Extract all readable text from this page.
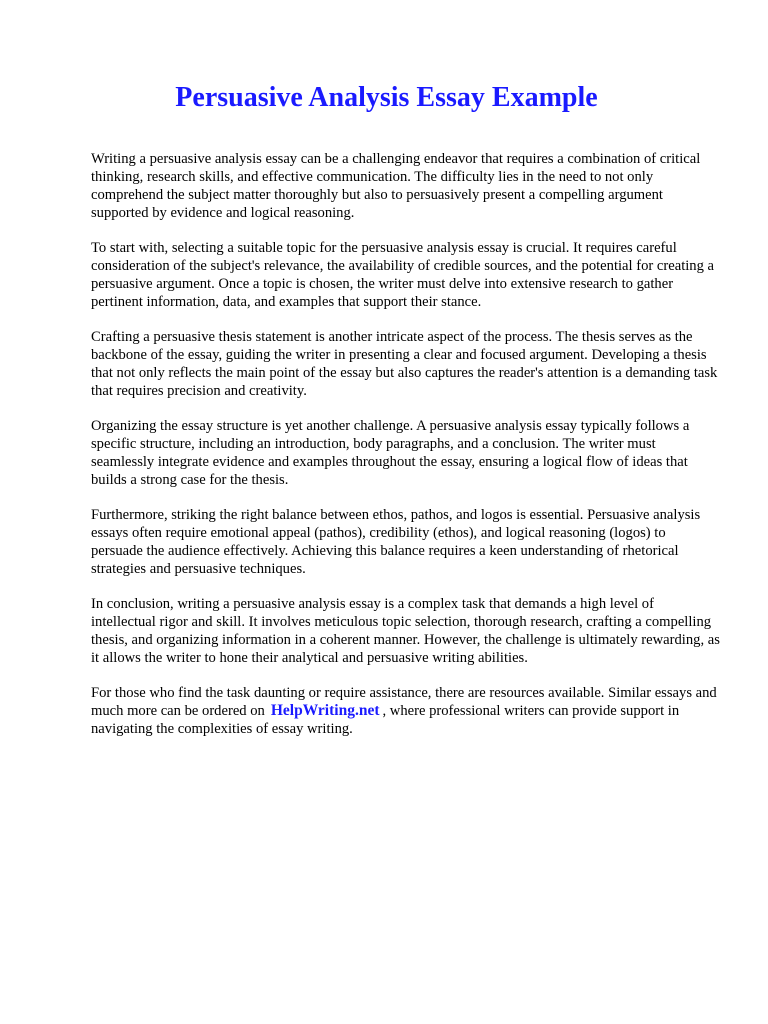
Persuasive Analysis Essay Example

Writing a persuasive analysis essay can be a challenging endeavor that requires a combination of critical thinking, research skills, and effective communication. The difficulty lies in the need to not only comprehend the subject matter thoroughly but also to persuasively present a compelling argument supported by evidence and logical reasoning.

To start with, selecting a suitable topic for the persuasive analysis essay is crucial. It requires careful consideration of the subject's relevance, the availability of credible sources, and the potential for creating a persuasive argument. Once a topic is chosen, the writer must delve into extensive research to gather pertinent information, data, and examples that support their stance.

Crafting a persuasive thesis statement is another intricate aspect of the process. The thesis serves as the backbone of the essay, guiding the writer in presenting a clear and focused argument. Developing a thesis that not only reflects the main point of the essay but also captures the reader's attention is a demanding task that requires precision and creativity.

Organizing the essay structure is yet another challenge. A persuasive analysis essay typically follows a specific structure, including an introduction, body paragraphs, and a conclusion. The writer must seamlessly integrate evidence and examples throughout the essay, ensuring a logical flow of ideas that builds a strong case for the thesis.

Furthermore, striking the right balance between ethos, pathos, and logos is essential. Persuasive analysis essays often require emotional appeal (pathos), credibility (ethos), and logical reasoning (logos) to persuade the audience effectively. Achieving this balance requires a keen understanding of rhetorical strategies and persuasive techniques.

In conclusion, writing a persuasive analysis essay is a complex task that demands a high level of intellectual rigor and skill. It involves meticulous topic selection, thorough research, crafting a compelling thesis, and organizing information in a coherent manner. However, the challenge is ultimately rewarding, as it allows the writer to hone their analytical and persuasive writing abilities.

For those who find the task daunting or require assistance, there are resources available. Similar essays and much more can be ordered on HelpWriting.net , where professional writers can provide support in navigating the complexities of essay writing.
